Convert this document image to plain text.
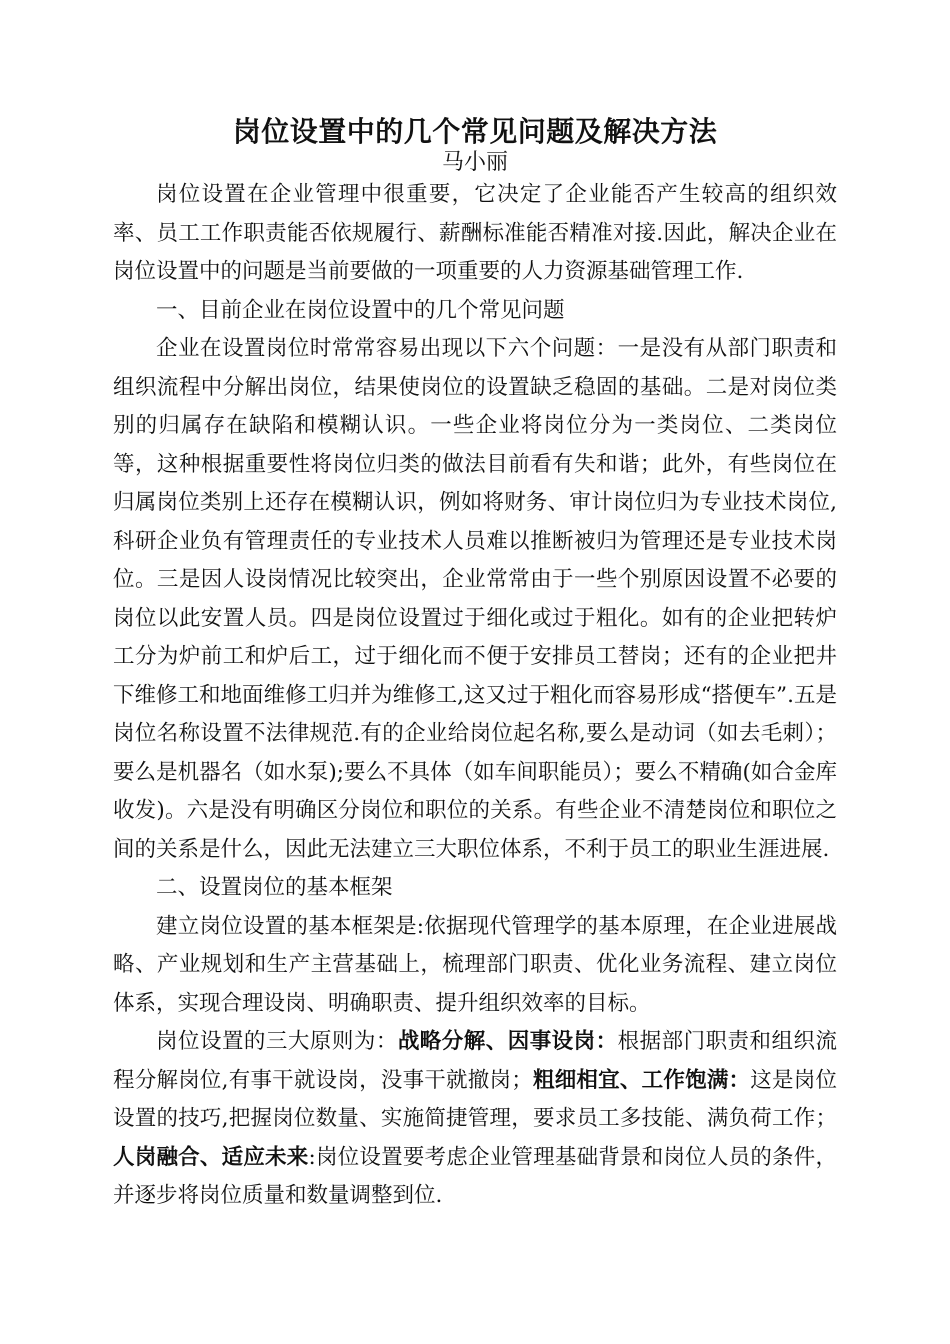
岗位设置中的几个常见问题及解决方法
马小丽

岗位设置在企业管理中很重要，它决定了企业能否产生较高的组织效率、员工工作职责能否依规履行、薪酬标准能否精准对接.因此，解决企业在岗位设置中的问题是当前要做的一项重要的人力资源基础管理工作.

一、目前企业在岗位设置中的几个常见问题

企业在设置岗位时常常容易出现以下六个问题：一是没有从部门职责和组织流程中分解出岗位，结果使岗位的设置缺乏稳固的基础。二是对岗位类别的归属存在缺陷和模糊认识。一些企业将岗位分为一类岗位、二类岗位等，这种根据重要性将岗位归类的做法目前看有失和谐；此外，有些岗位在归属岗位类别上还存在模糊认识，例如将财务、审计岗位归为专业技术岗位,科研企业负有管理责任的专业技术人员难以推断被归为管理还是专业技术岗位。三是因人设岗情况比较突出，企业常常由于一些个别原因设置不必要的岗位以此安置人员。四是岗位设置过于细化或过于粗化。如有的企业把转炉工分为炉前工和炉后工，过于细化而不便于安排员工替岗；还有的企业把井下维修工和地面维修工归并为维修工,这又过于粗化而容易形成“搭便车”.五是岗位名称设置不法律规范.有的企业给岗位起名称,要么是动词（如去毛刺）；要么是机器名（如水泵);要么不具体（如车间职能员）；要么不精确(如合金库收发)。六是没有明确区分岗位和职位的关系。有些企业不清楚岗位和职位之间的关系是什么，因此无法建立三大职位体系，不利于员工的职业生涯进展.

二、设置岗位的基本框架

建立岗位设置的基本框架是:依据现代管理学的基本原理，在企业进展战略、产业规划和生产主营基础上，梳理部门职责、优化业务流程、建立岗位体系，实现合理设岗、明确职责、提升组织效率的目标。

岗位设置的三大原则为：战略分解、因事设岗：根据部门职责和组织流程分解岗位,有事干就设岗，没事干就撤岗；粗细相宜、工作饱满：这是岗位设置的技巧,把握岗位数量、实施简捷管理，要求员工多技能、满负荷工作；人岗融合、适应未来:岗位设置要考虑企业管理基础背景和岗位人员的条件，并逐步将岗位质量和数量调整到位.
